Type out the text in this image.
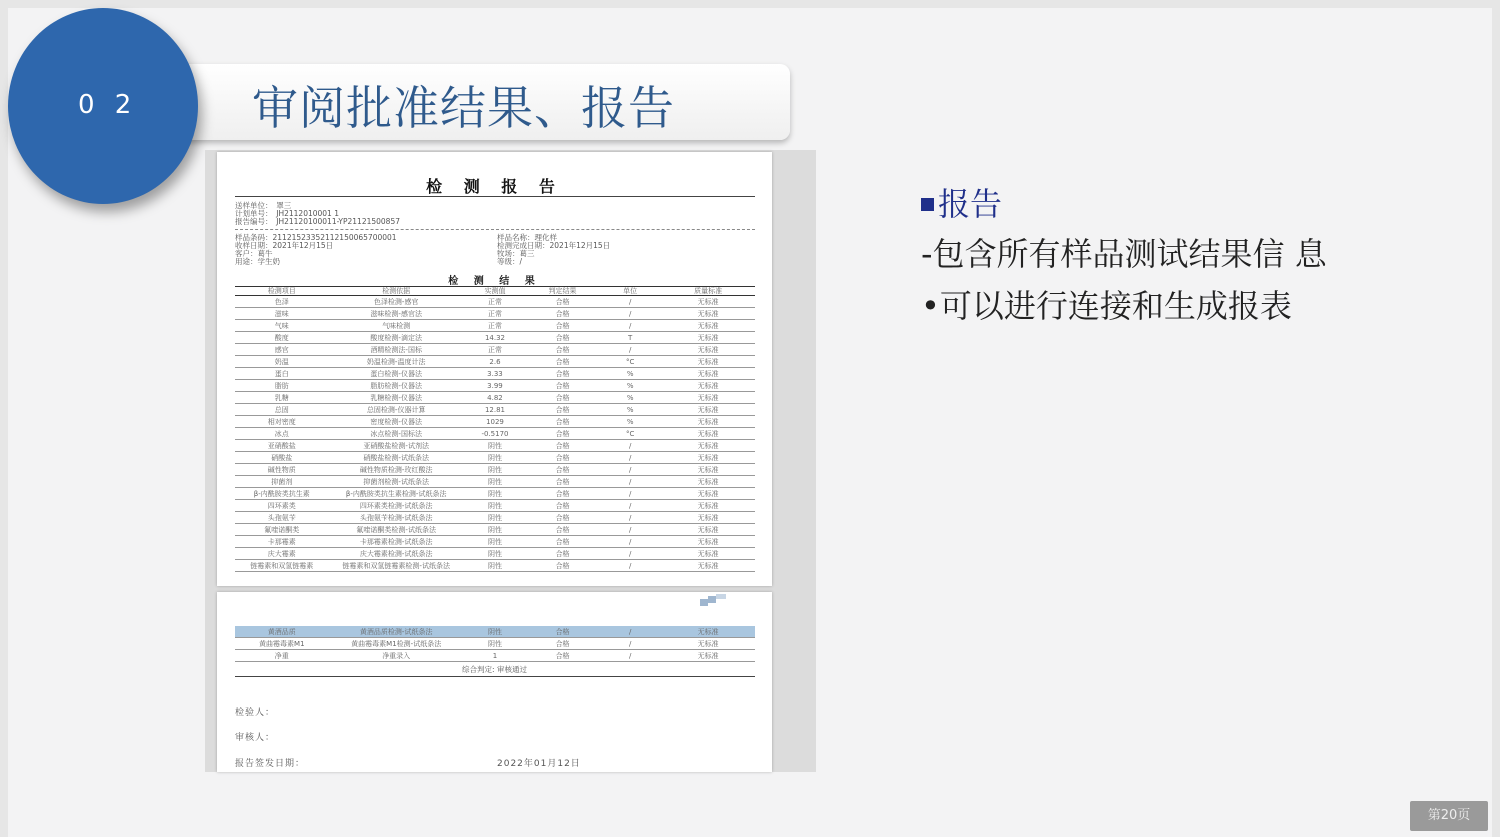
审阅批准结果、报告
0 2
检 测 报 告
送样单位：　罩三
计划单号：　JH2112010001 1
报告编号：　JH21120100011-YP21121500857
样品条码：21121523352112150065700001
收样日期：2021年12月15日
客户：葛牛
用途：学生奶
样品名称：理化样
检测完成日期：2021年12月15日
牧场：葛三
等级：/
检 测 结 果
检测项目	检测依据	实测值	判定结果	单位	质量标准
色泽	色泽检测-感官	正常	合格	/	无标准
滋味	滋味检测-感官法	正常	合格	/	无标准
气味	气味检测	正常	合格	/	无标准
酸度	酸度检测-滴定法	14.32	合格	T	无标准
感官	酒精检测法-国标	正常	合格	/	无标准
奶温	奶温检测-温度计法	2.6	合格	°C	无标准
蛋白	蛋白检测-仪器法	3.33	合格	%	无标准
脂肪	脂肪检测-仪器法	3.99	合格	%	无标准
乳糖	乳糖检测-仪器法	4.82	合格	%	无标准
总固	总固检测-仪器计算	12.81	合格	%	无标准
相对密度	密度检测-仪器法	1029	合格	%	无标准
冰点	冰点检测-国标法	-0.5170	合格	°C	无标准
亚硝酸盐	亚硝酸盐检测-试剂法	阴性	合格	/	无标准
硝酸盐	硝酸盐检测-试纸条法	阴性	合格	/	无标准
碱性物质	碱性物质检测-玫红酸法	阴性	合格	/	无标准
抑菌剂	抑菌剂检测-试纸条法	阴性	合格	/	无标准
β-内酰胺类抗生素	β-内酰胺类抗生素检测-试纸条法	阴性	合格	/	无标准
四环素类	四环素类检测-试纸条法	阴性	合格	/	无标准
头孢氨苄	头孢氨苄检测-试纸条法	阴性	合格	/	无标准
氟喹诺酮类	氟喹诺酮类检测-试纸条法	阴性	合格	/	无标准
卡那霉素	卡那霉素检测-试纸条法	阴性	合格	/	无标准
庆大霉素	庆大霉素检测-试纸条法	阴性	合格	/	无标准
链霉素和双氢链霉素	链霉素和双氢链霉素检测-试纸条法	阴性	合格	/	无标准
黄酒品质	黄酒品质检测-试纸条法	阴性	合格	/	无标准
黄曲霉毒素M1	黄曲霉毒素M1检测-试纸条法	阴性	合格	/	无标准
净重	净重录入	1	合格	/	无标准
综合判定: 审核通过
检验人：
审核人：
报告签发日期：	2022年01月12日
报告
-包含所有样品测试结果信 息
•可以进行连接和生成报表
第20页
